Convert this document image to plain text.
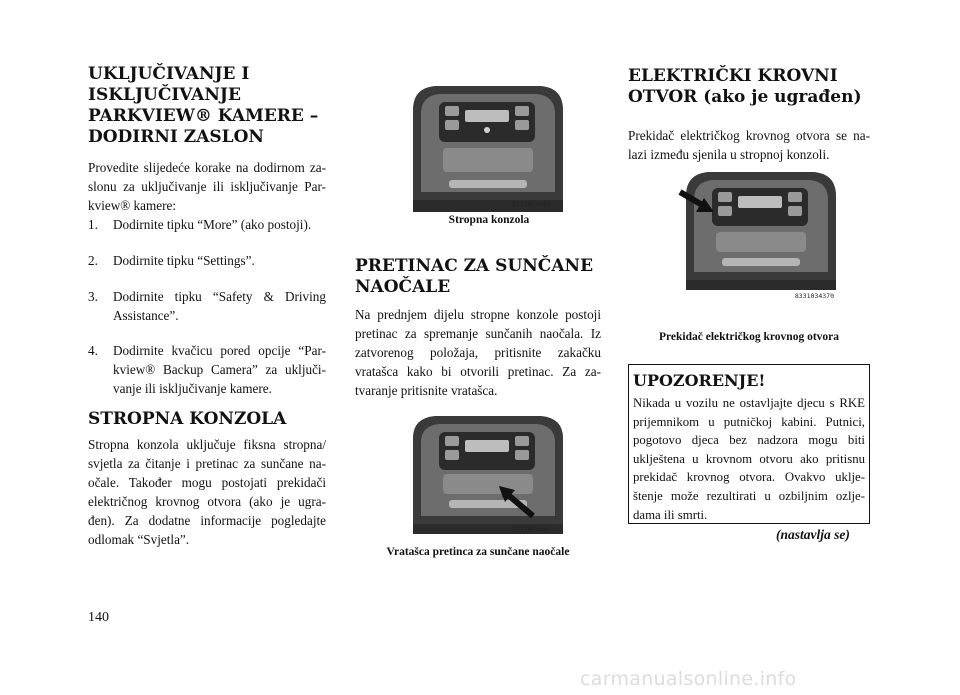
UKLJUČIVANJE I
ISKLJUČIVANJE
PARKVIEW® KAMERE –
DODIRNI ZASLON

Provedite slijedeće korake na dodirnom za-slonu za uključivanje ili isključivanje Par-kview® kamere:

1. Dodirnite tipku “More” (ako postoji).
2. Dodirnite tipku “Settings”.
3. Dodirnite tipku “Safety & Driving Assistance”.
4. Dodirnite kvačicu pored opcije “Par-kview® Backup Camera” za uključi-vanje ili isključivanje kamere.
STROPNA KONZOLA

Stropna konzola uključuje fiksna stropna/ svjetla za čitanje i pretinac za sunčane na-očale. Također mogu postojati prekidači električnog krovnog otvora (ako je ugra-đen). Za dodatne informacije pogledajte odlomak “Svjetla”.

8331034460
Stropna konzola
PRETINAC ZA SUNČANE
NAOČALE

Na prednjem dijelu stropne konzole postoji pretinac za spremanje sunčanih naočala. Iz zatvorenog položaja, pritisnite zakačku vratašca kako bi otvorili pretinac. Za za-tvaranje pritisnite vratašca.

8331034448
Vratašca pretinca za sunčane naočale
ELEKTRIČKI KROVNI
OTVOR (ako je ugrađen)

Prekidač električkog krovnog otvora se na-lazi između sjenila u stropnoj konzoli.

8331034370
Prekidač električkog krovnog otvora
UPOZORENJE!

Nikada u vozilu ne ostavljajte djecu s RKE prijemnikom u putničkoj kabini. Putnici, pogotovo djeca bez nadzora mogu biti uklještena u krovnom otvoru ako pritisnu prekidač krovnog otvora. Ovakvo uklje-štenje može rezultirati u ozbiljnim ozlje-dama ili smrti.

(nastavlja se)
140
carmanualsonline.info
